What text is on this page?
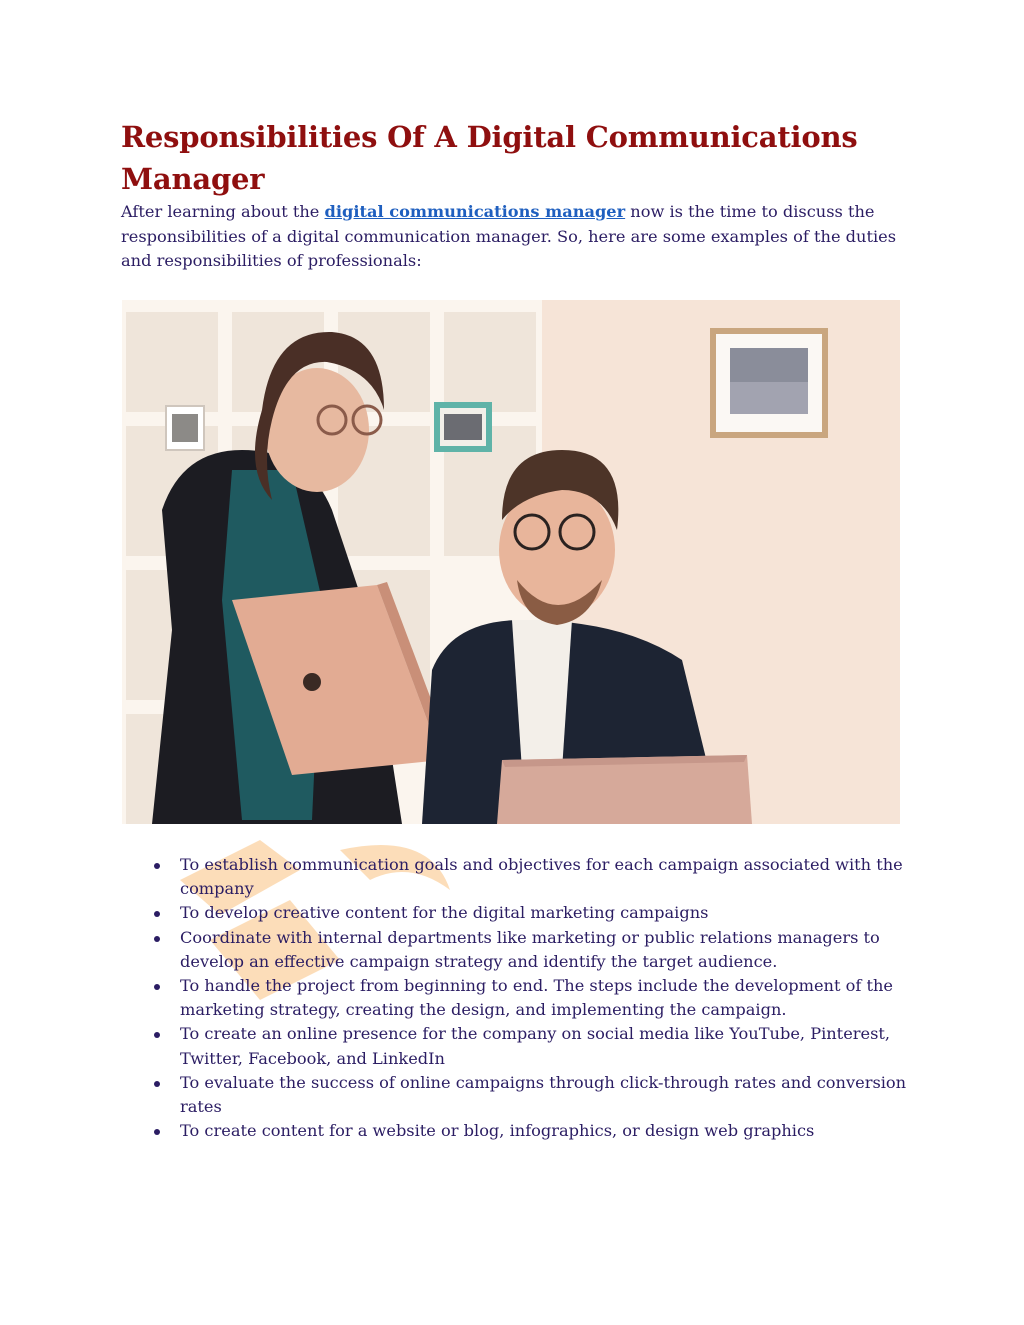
Responsibilities Of A Digital Communications Manager

After learning about the digital communications manager now is the time to discuss the responsibilities of a digital communication manager. So, here are some examples of the duties and responsibilities of professionals:

To establish communication goals and objectives for each campaign associated with the company
To develop creative content for the digital marketing campaigns
Coordinate with internal departments like marketing or public relations managers to develop an effective campaign strategy and identify the target audience.
To handle the project from beginning to end. The steps include the development of the marketing strategy, creating the design, and implementing the campaign.
To create an online presence for the company on social media like YouTube, Pinterest, Twitter, Facebook, and LinkedIn
To evaluate the success of online campaigns through click-through rates and conversion rates
To create content for a website or blog, infographics, or design web graphics
